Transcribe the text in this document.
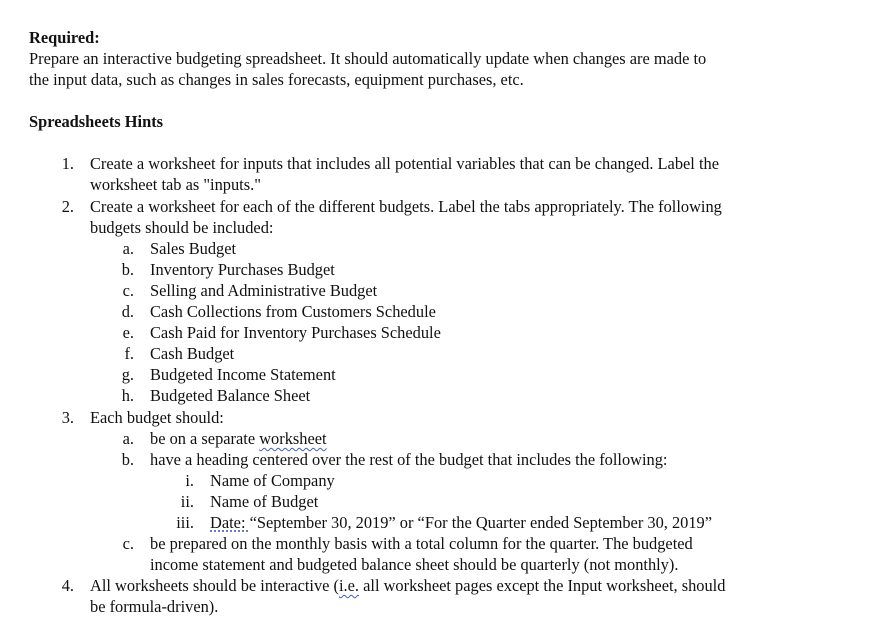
Required:
Prepare an interactive budgeting spreadsheet. It should automatically update when changes are made to
the input data, such as changes in sales forecasts, equipment purchases, etc.
Spreadsheets Hints
1. Create a worksheet for inputs that includes all potential variables that can be changed. Label the
worksheet tab as "inputs."
2. Create a worksheet for each of the different budgets. Label the tabs appropriately. The following
budgets should be included:
a. Sales Budget
b. Inventory Purchases Budget
c. Selling and Administrative Budget
d. Cash Collections from Customers Schedule
e. Cash Paid for Inventory Purchases Schedule
f. Cash Budget
g. Budgeted Income Statement
h. Budgeted Balance Sheet
3. Each budget should:
a. be on a separate worksheet
b. have a heading centered over the rest of the budget that includes the following:
i. Name of Company
ii. Name of Budget
iii. Date: “September 30, 2019” or “For the Quarter ended September 30, 2019”
c. be prepared on the monthly basis with a total column for the quarter. The budgeted
income statement and budgeted balance sheet should be quarterly (not monthly).
4. All worksheets should be interactive (i.e. all worksheet pages except the Input worksheet, should
be formula-driven).
